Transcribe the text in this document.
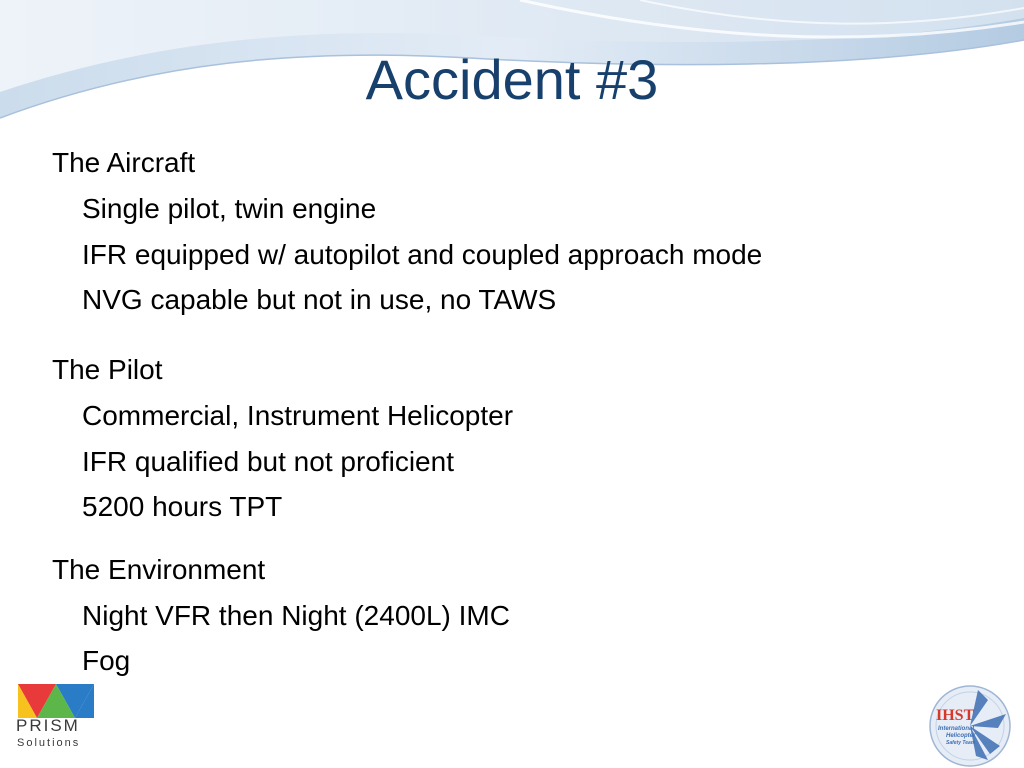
Accident #3
The Aircraft
Single pilot, twin engine
IFR equipped w/ autopilot and coupled approach mode
NVG capable but not in use, no TAWS
The Pilot
Commercial, Instrument Helicopter
IFR qualified but not proficient
5200 hours TPT
The Environment
Night VFR then Night (2400L) IMC
Fog
PRISM
Solutions
IHST
International
Helicopter
Safety Team
